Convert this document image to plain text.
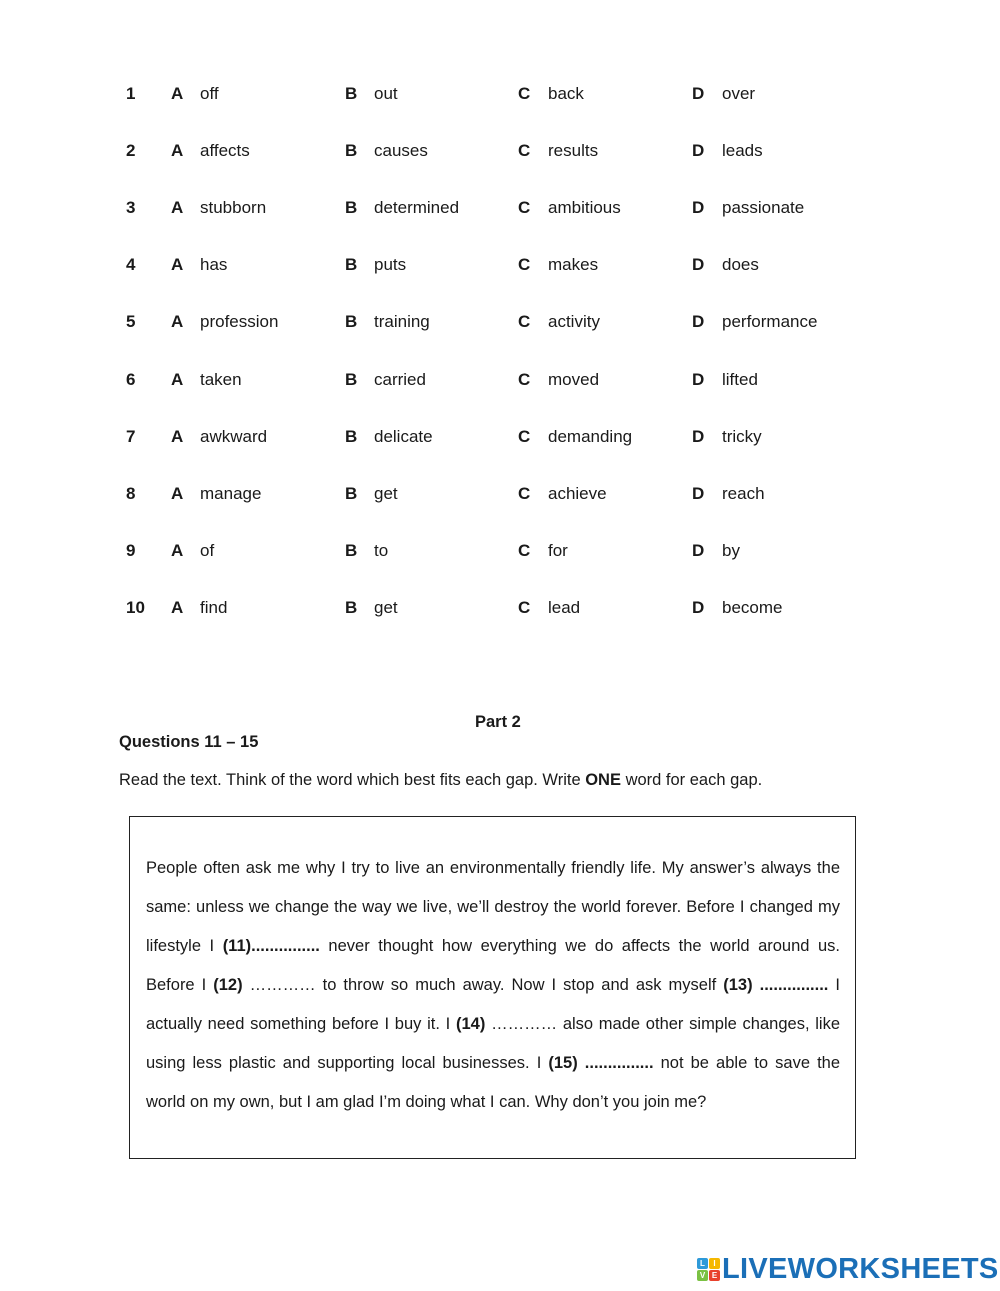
1 A off	B out	C back	D over
2 A affects	B causes	C results	D leads
3 A stubborn	B determined	C ambitious	D passionate
4 A has	B puts	C makes	D does
5 A profession	B training	C activity	D performance
6 A taken	B carried	C moved	D lifted
7 A awkward	B delicate	C demanding	D tricky
8 A manage	B get	C achieve	D reach
9 A of	B to	C for	D by
10 A find	B get	C lead	D become
Part 2
Questions 11 – 15
Read the text. Think of the word which best fits each gap. Write ONE word for each gap.
People often ask me why I try to live an environmentally friendly life. My answer’s always the same: unless we change the way we live, we’ll destroy the world forever. Before I changed my lifestyle I (11)............... never thought how everything we do affects the world around us. Before I (12) ………… to throw so much away. Now I stop and ask myself (13) ............... I actually need something before I buy it. I (14) ………… also made other simple changes, like using less plastic and supporting local businesses. I (15) ............... not be able to save the world on my own, but I am glad I’m doing what I can. Why don’t you join me?
L	I
V E LIVEWORKSHEETS
